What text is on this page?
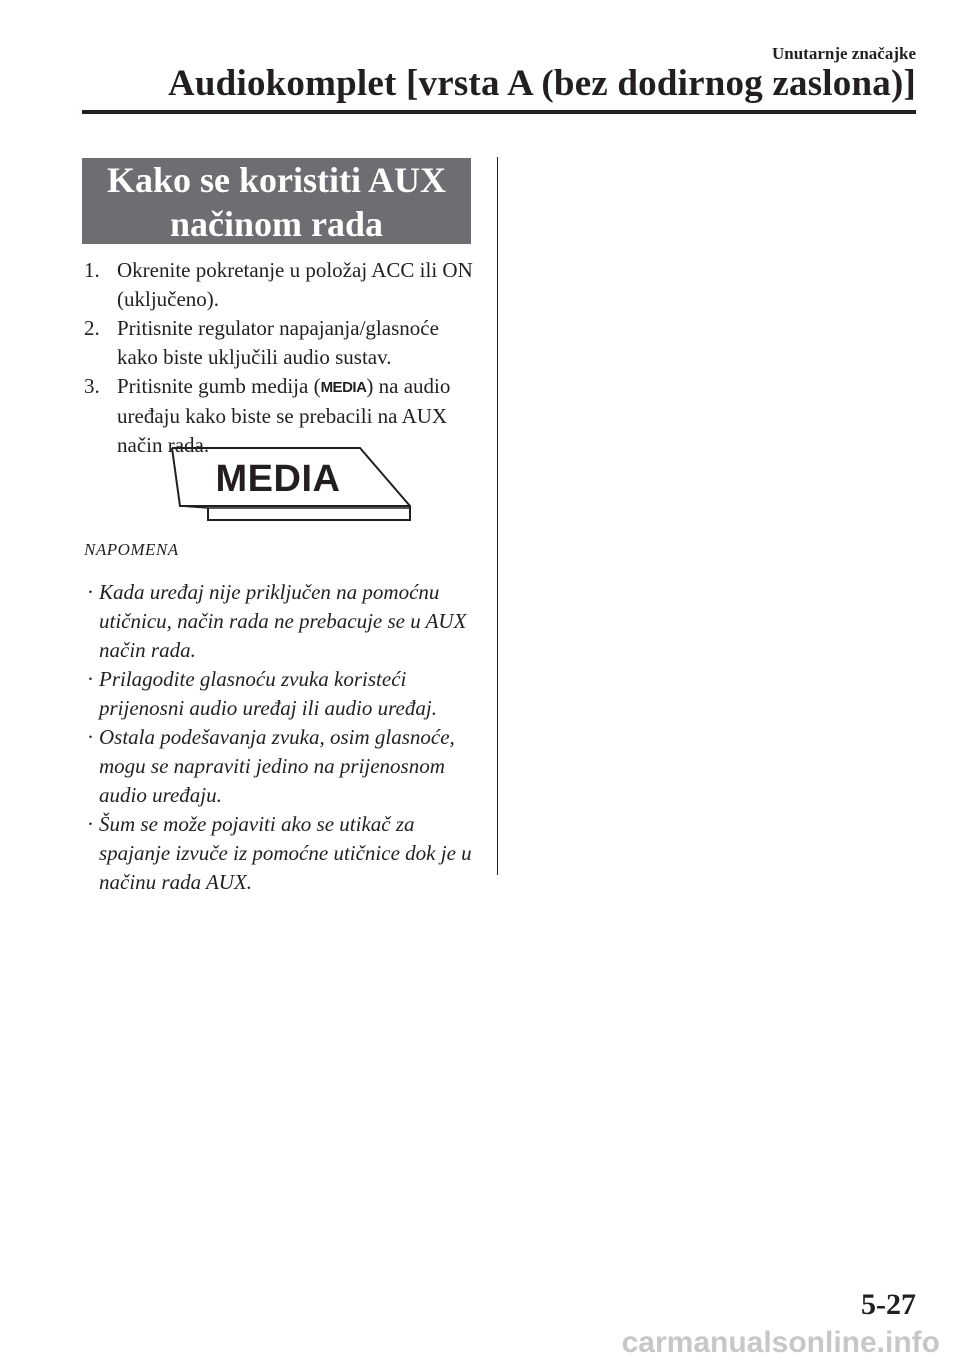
Unutarnje značajke
Audiokomplet [vrsta A (bez dodirnog zaslona)]
Kako se koristiti AUX
načinom rada
1. Okrenite pokretanje u položaj ACC ili ON (uključeno).
2. Pritisnite regulator napajanja/glasnoće kako biste uključili audio sustav.
3. Pritisnite gumb medija (MEDIA) na audio uređaju kako biste se prebacili na AUX način rada.
MEDIA
NAPOMENA
· Kada uređaj nije priključen na pomoćnu utičnicu, način rada ne prebacuje se u AUX način rada.
· Prilagodite glasnoću zvuka koristeći prijenosni audio uređaj ili audio uređaj.
· Ostala podešavanja zvuka, osim glasnoće, mogu se napraviti jedino na prijenosnom audio uređaju.
· Šum se može pojaviti ako se utikač za spajanje izvuče iz pomoćne utičnice dok je u načinu rada AUX.
5-27
carmanualsonline.info
